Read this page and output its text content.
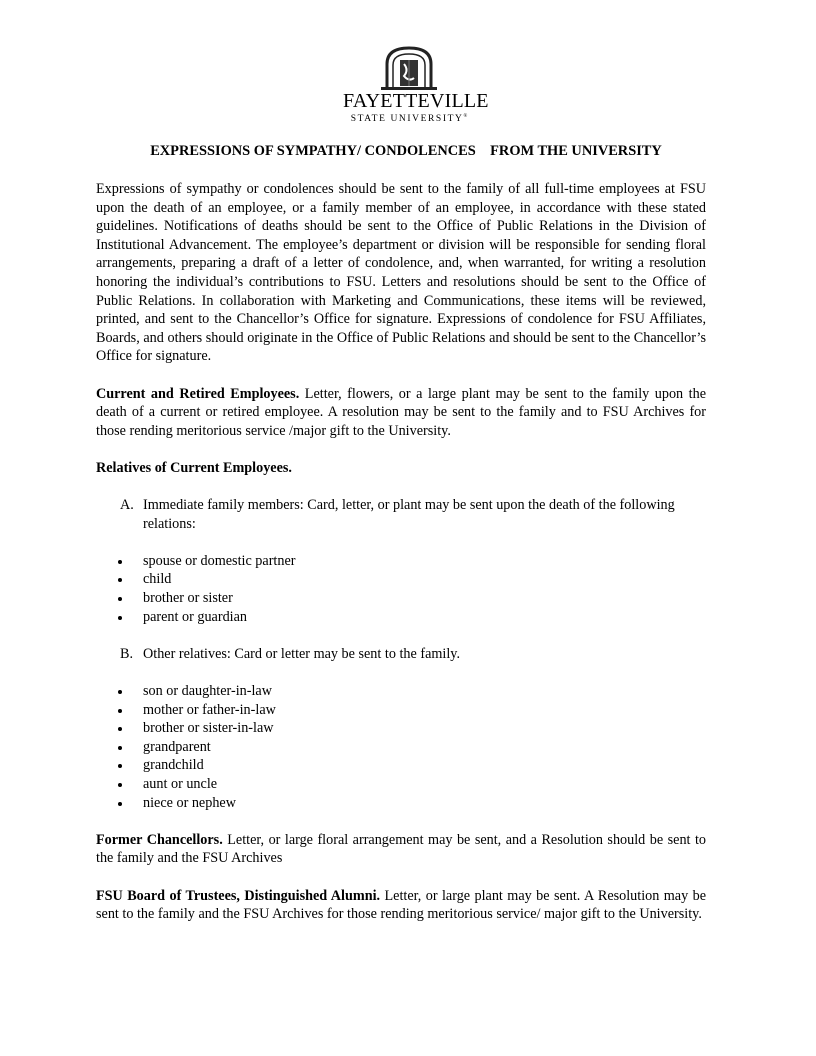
FAYETTEVILLE
STATE UNIVERSITY®
EXPRESSIONS OF SYMPATHY/ CONDOLENCES    FROM THE UNIVERSITY

Expressions of sympathy or condolences should be sent to the family of all full-time employees at FSU upon the death of an employee, or a family member of an employee, in accordance with these stated guidelines. Notifications of deaths should be sent to the Office of Public Relations in the Division of Institutional Advancement. The employee’s department or division will be responsible for sending floral arrangements, preparing a draft of a letter of condolence, and, when warranted, for writing a resolution honoring the individual’s contributions to FSU. Letters and resolutions should be sent to the Office of Public Relations. In collaboration with Marketing and Communications, these items will be reviewed, printed, and sent to the Chancellor’s Office for signature. Expressions of condolence for FSU Affiliates, Boards, and others should originate in the Office of Public Relations and should be sent to the Chancellor’s Office for signature.

Current and Retired Employees. Letter, flowers, or a large plant may be sent to the family upon the death of a current or retired employee. A resolution may be sent to the family and to FSU Archives for those rending meritorious service /major gift to the University.

Relatives of Current Employees.
A. Immediate family members: Card, letter, or plant may be sent upon the death of the following relations:
spouse or domestic partner
child
brother or sister
parent or guardian
B. Other relatives: Card or letter may be sent to the family.
son or daughter-in-law
mother or father-in-law
brother or sister-in-law
grandparent
grandchild
aunt or uncle
niece or nephew

Former Chancellors. Letter, or large floral arrangement may be sent, and a Resolution should be sent to the family and the FSU Archives

FSU Board of Trustees, Distinguished Alumni. Letter, or large plant may be sent. A Resolution may be sent to the family and the FSU Archives for those rending meritorious service/ major gift to the University.
